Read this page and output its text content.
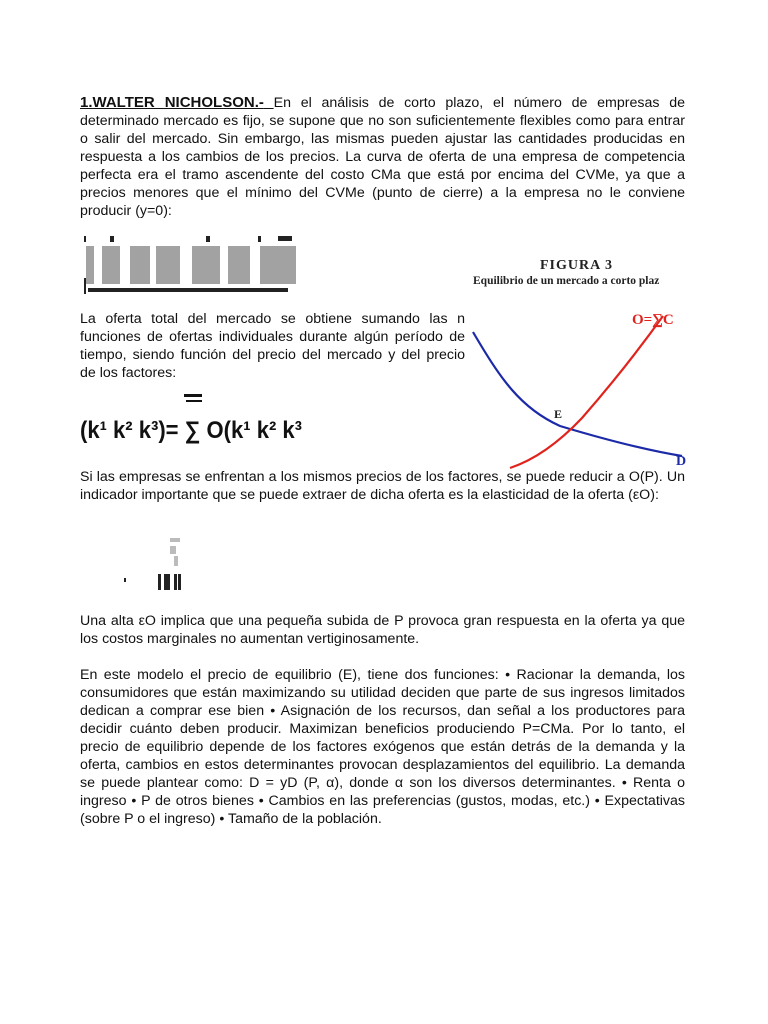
1.WALTER NICHOLSON.- En el análisis de corto plazo, el número de empresas de determinado mercado es fijo, se supone que no son suficientemente flexibles como para entrar o salir del mercado. Sin embargo, las mismas pueden ajustar las cantidades producidas en respuesta a los cambios de los precios. La curva de oferta de una empresa de competencia perfecta era el tramo ascendente del costo CMa que está por encima del CVMe, ya que a precios menores que el mínimo del CVMe (punto de cierre) a la empresa no le conviene producir (y=0):

FIGURA 3
Equilibrio de un mercado a corto plaz
O=∑C
E
D

La oferta total del mercado se obtiene sumando las n funciones de ofertas individuales durante algún período de tiempo, siendo función del precio del mercado y del precio de los factores:

(k¹ k² k³)= ∑ O(k¹ k² k³

Si las empresas se enfrentan a los mismos precios de los factores, se puede reducir a O(P). Un indicador importante que se puede extraer de dicha oferta es la elasticidad de la oferta (εO):

Una alta εO implica que una pequeña subida de P provoca gran respuesta en la oferta ya que los costos marginales no aumentan vertiginosamente.

En este modelo el precio de equilibrio (E), tiene dos funciones: • Racionar la demanda, los consumidores que están maximizando su utilidad deciden que parte de sus ingresos limitados dedican a comprar ese bien • Asignación de los recursos, dan señal a los productores para decidir cuánto deben producir. Maximizan beneficios produciendo P=CMa. Por lo tanto, el precio de equilibrio depende de los factores exógenos que están detrás de la demanda y la oferta, cambios en estos determinantes provocan desplazamientos del equilibrio. La demanda se puede plantear como: D = yD (P, α), donde α son los diversos determinantes. • Renta o ingreso • P de otros bienes • Cambios en las preferencias (gustos, modas, etc.) • Expectativas (sobre P o el ingreso) • Tamaño de la población.
